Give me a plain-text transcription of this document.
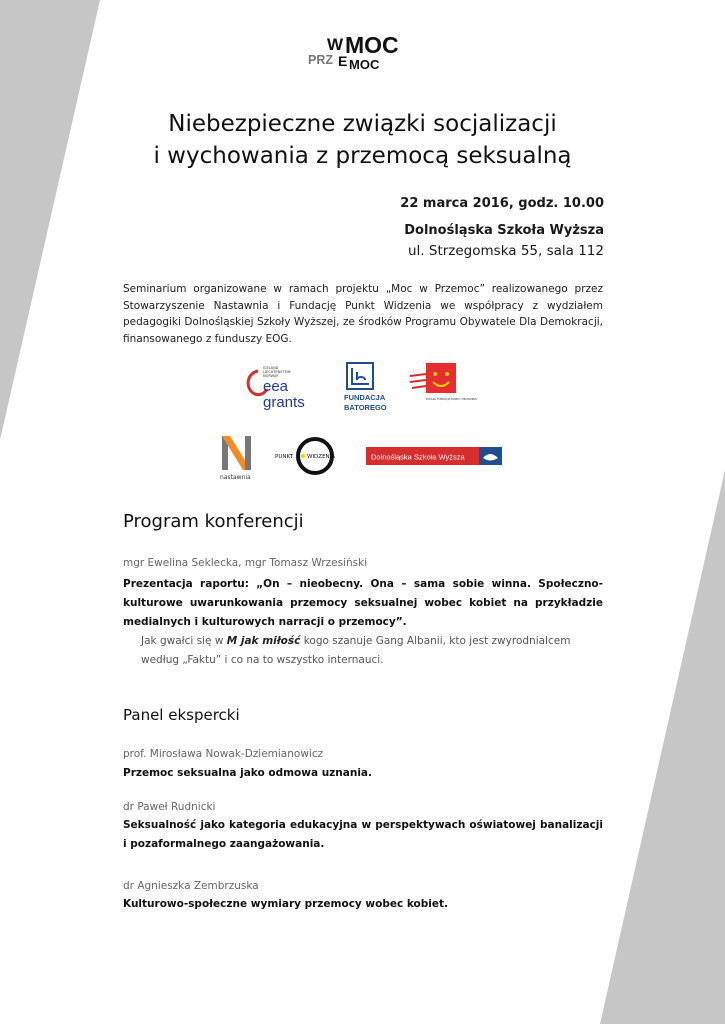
W MOC
PRZ E MOC
Niebezpieczne związki socjalizacji
i wychowania z przemocą seksualną
22 marca 2016, godz. 10.00
Dolnośląska Szkoła Wyższa
ul. Strzegomska 55, sala 112

Seminarium organizowane w ramach projektu „Moc w Przemoc” realizowanego przez Stowarzyszenie Nastawnia i Fundację Punkt Widzenia we współpracy z wydziałem pedagogiki Dolnośląskiej Szkoły Wyższej, ze środków Programu Obywatele Dla Demokracji, finansowanego z funduszy EOG.

ICELAND
LIECHTENSTEIN
NORWAY
eea
grants	FUNDACJA
BATOREGO
POLSKA FUNDACJA DZIECI I MŁODZIEŻY
nastawnia
PUNKT	WIDZENIA	Dolnośląska Szkoła Wyższa
Program konferencji
mgr Ewelina Seklecka, mgr Tomasz Wrzesiński
Prezentacja raportu: „On – nieobecny. Ona – sama sobie winna. Społeczno-kulturowe uwarunkowania przemocy seksualnej wobec kobiet na przykładzie medialnych i kulturowych narracji o przemocy”.
Jak gwałci się w M jak miłość kogo szanuje Gang Albanii, kto jest zwyrodnialcem według „Faktu” i co na to wszystko internauci.
Panel ekspercki
prof. Mirosława Nowak-Dziemianowicz
Przemoc seksualna jako odmowa uznania.
dr Paweł Rudnicki
Seksualność jako kategoria edukacyjna w perspektywach oświatowej banalizacji i pozaformalnego zaangażowania.
dr Agnieszka Zembrzuska
Kulturowo-społeczne wymiary przemocy wobec kobiet.
